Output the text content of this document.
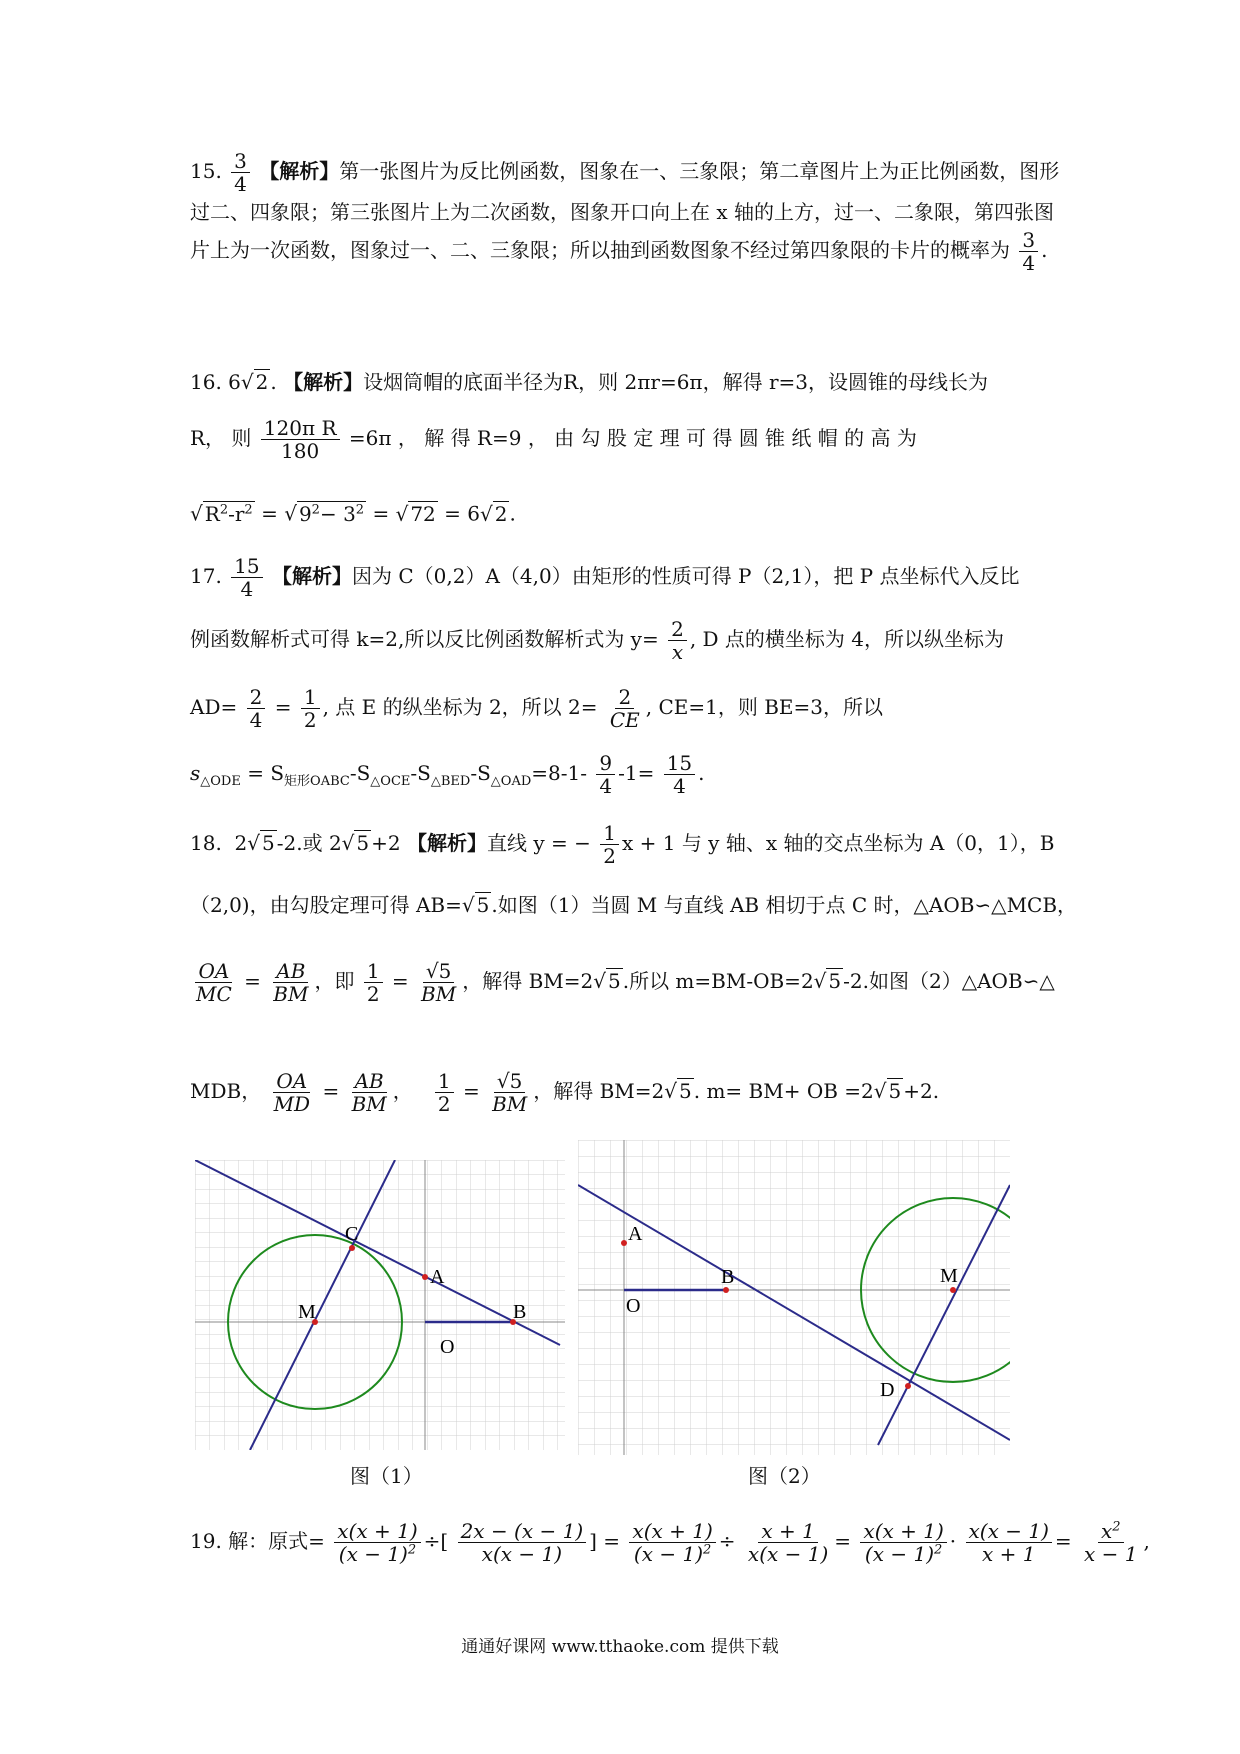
15. $\frac{3}{4}$ 【解析】第一张图片为反比例函数，图象在一、三象限；第二章图片上为正比例函数，图形过二、四象限；第三张图片上为二次函数，图象开口向上在 x 轴的上方，过一、二象限，第四张图片上为一次函数，图象过一、二、三象限；所以抽到函数图象不经过第四象限的卡片的概率为 $\frac{3}{4}$ .
16. 6√ 2 . 【解析】设烟筒帽的底面半径为R，则 2πr=6π，解得 r=3，设圆锥的母线长为
R， 则 $\frac{\text{120π R}}{180} =6\pi$ ， 解 得 R=9 ， 由 勾 股 定 理 可 得 圆 锥 纸 帽 的 高 为
√ $R^2-r^2$ = √ $9^2- 3^2$ = √ 72 = 6√ 2 .
17. $\frac{15}{4}$ 【解析】因为 C（0,2）A（4,0）由矩形的性质可得 P（2,1），把 P 点坐标代入反比
例函数解析式可得 k=2,所以反比例函数解析式为 $y= \frac{2}{x}$ , D 点的横坐标为 4，所以纵坐标为
$AD= \frac{2}{4} = \frac{1}{2}$ , 点 E 的纵坐标为 2，所以 $2= \frac{2}{CE}$ , CE=1，则 BE=3，所以
$s_{\triangle ODE} = S_{矩形OABC}-S_{\triangle OCE}-S_{\triangle BED}-S_{\triangle OAD}=8-1- \frac{9}{4} -1= \frac{15}{4}$ .
18. 2√ 5 -2.或 2√ 5 +2 【解析】直线 y = − $\frac{1}{2}$ x + 1 与 y 轴、x 轴的交点坐标为 A（0，1），B
（2,0)，由勾股定理可得 AB=√ 5 .如图（1）当圆 M 与直线 AB 相切于点 C 时，△AOB∽△MCB，
$\frac{OA}{MC} = \frac{AB}{BM}$ ，即 $\frac{1}{2} = \frac{√5}{BM}$ ，解得 BM=2√ 5 .所以 m=BM-OB=2√ 5 -2.如图（2）△AOB∽△
MDB， $\frac{OA}{MD} = \frac{AB}{BM}$ ， $\frac{1}{2} = \frac{√5}{BM}$ ，解得 BM=2√ 5 . m= BM+ OB =2√ 5 +2.
C
A
M	B
O
图（1）
A
B
O
M
D
图（2）
19. 解：原式= $\frac{x(x + 1)}{(x - 1)^2}$ ÷[ $\frac{2x - (x - 1)}{x(x - 1)}$ ] = $\frac{x(x + 1)}{(x - 1)^2} \div \frac{x + 1}{x(x - 1)} = \frac{x(x + 1)}{(x - 1)^2} \cdot \frac{x(x - 1)}{x + 1} = \frac{x^2}{x - 1}$ ,
通通好课网 www.tthaoke.com 提供下载
